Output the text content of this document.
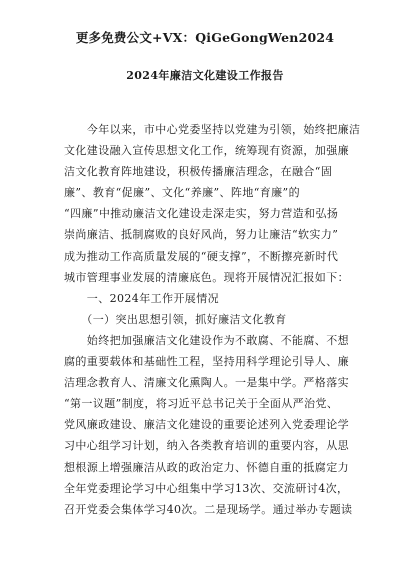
更多免费公文+VX：QiGeGongWen2024
2024年廉洁文化建设工作报告
　　今年以来，市中心党委坚持以党建为引领，始终把廉洁
文化建设融入宣传思想文化工作，统筹现有资源，加强廉
洁文化教育阵地建设，积极传播廉洁理念，在融合“固
廉”、教育“促廉”、文化“养廉”、阵地“育廉”的
“四廉”中推动廉洁文化建设走深走实，努力营造和弘扬
崇尚廉洁、抵制腐败的良好风尚，努力让廉洁“软实力”
成为推动工作高质量发展的“硬支撑”，不断擦亮新时代
城市管理事业发展的清廉底色。现将开展情况汇报如下：
　　一、2024年工作开展情况
　　（一）突出思想引领，抓好廉洁文化教育
　　始终把加强廉洁文化建设作为不敢腐、不能腐、不想
腐的重要载体和基础性工程，坚持用科学理论引导人、廉
洁理念教育人、清廉文化熏陶人。一是集中学。严格落实
“第一议题”制度，将习近平总书记关于全面从严治党、
党风廉政建设、廉洁文化建设的重要论述列入党委理论学
习中心组学习计划，纳入各类教育培训的重要内容，从思
想根源上增强廉洁从政的政治定力、怀德自重的抵腐定力
全年党委理论学习中心组集中学习13次、交流研讨4次，
召开党委会集体学习40次。二是现场学。通过举办专题读
